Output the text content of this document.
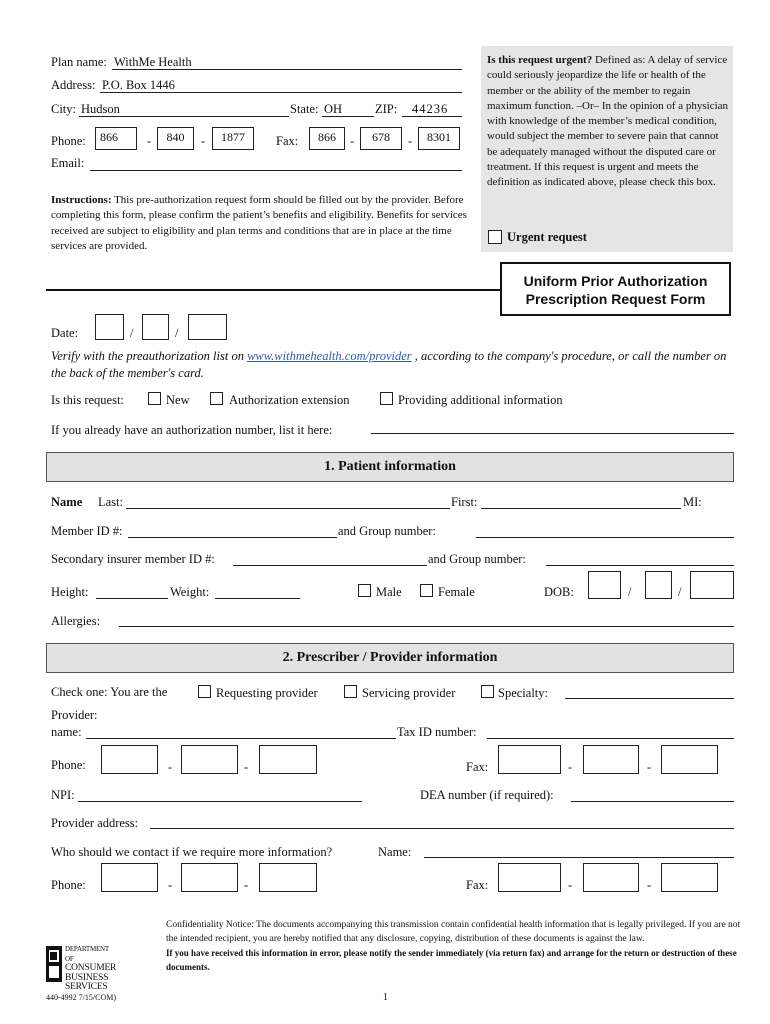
Plan name: WithMe Health
Address: P.O. Box 1446
City: Hudson	State: OH	ZIP: 44236
Phone:	866	-	840	-	1877	Fax:	866	-	678	-	8301
Email:
Instructions: This pre-authorization request form should be filled out by the provider. Before completing this form, please confirm the patient’s benefits and eligibility. Benefits for services received are subject to eligibility and plan terms and conditions that are in place at the time services are provided.
Is this request urgent? Defined as: A delay of service could seriously jeopardize the life or health of the member or the ability of the member to regain maximum function. –Or– In the opinion of a physician with knowledge of the member’s medical condition, would subject the member to severe pain that cannot be adequately managed without the disputed care or treatment. If this request is urgent and meets the definition as indicated above, please check this box.
Urgent request
Uniform Prior Authorization
Prescription Request Form
Date:	/	/
Verify with the preauthorization list on www.withmehealth.com/provider , according to the company's procedure, or call the number on the back of the member's card.
Is this request:	New	Authorization extension	Providing additional information
If you already have an authorization number, list it here:
1. Patient information
Name Last:	First:	MI:
Member ID #:	and Group number:
Secondary insurer member ID #:	and Group number:
Height:	Weight:	Male	Female	DOB:	/	/
Allergies:
2. Prescriber / Provider information
Check one: You are the	Requesting provider	Servicing provider	Specialty:
Provider:
name:	Tax ID number:
Phone:	-	-	Fax:	-	-
NPI:	DEA number (if required):
Provider address:
Who should we contact if we require more information?	Name:
Phone:	-	-	Fax:	-	-
Confidentiality Notice: The documents accompanying this transmission contain confidential health information that is legally privileged. If you are not the intended recipient, you are hereby notified that any disclosure, copying, distribution of these documents is against the law.
If you have received this information in error, please notify the sender immediately (via return fax) and arrange for the return or destruction of these documents.
DEPARTMENT OF
CONSUMER
BUSINESS
SERVICES
440-4992 7/15/COM)	1
